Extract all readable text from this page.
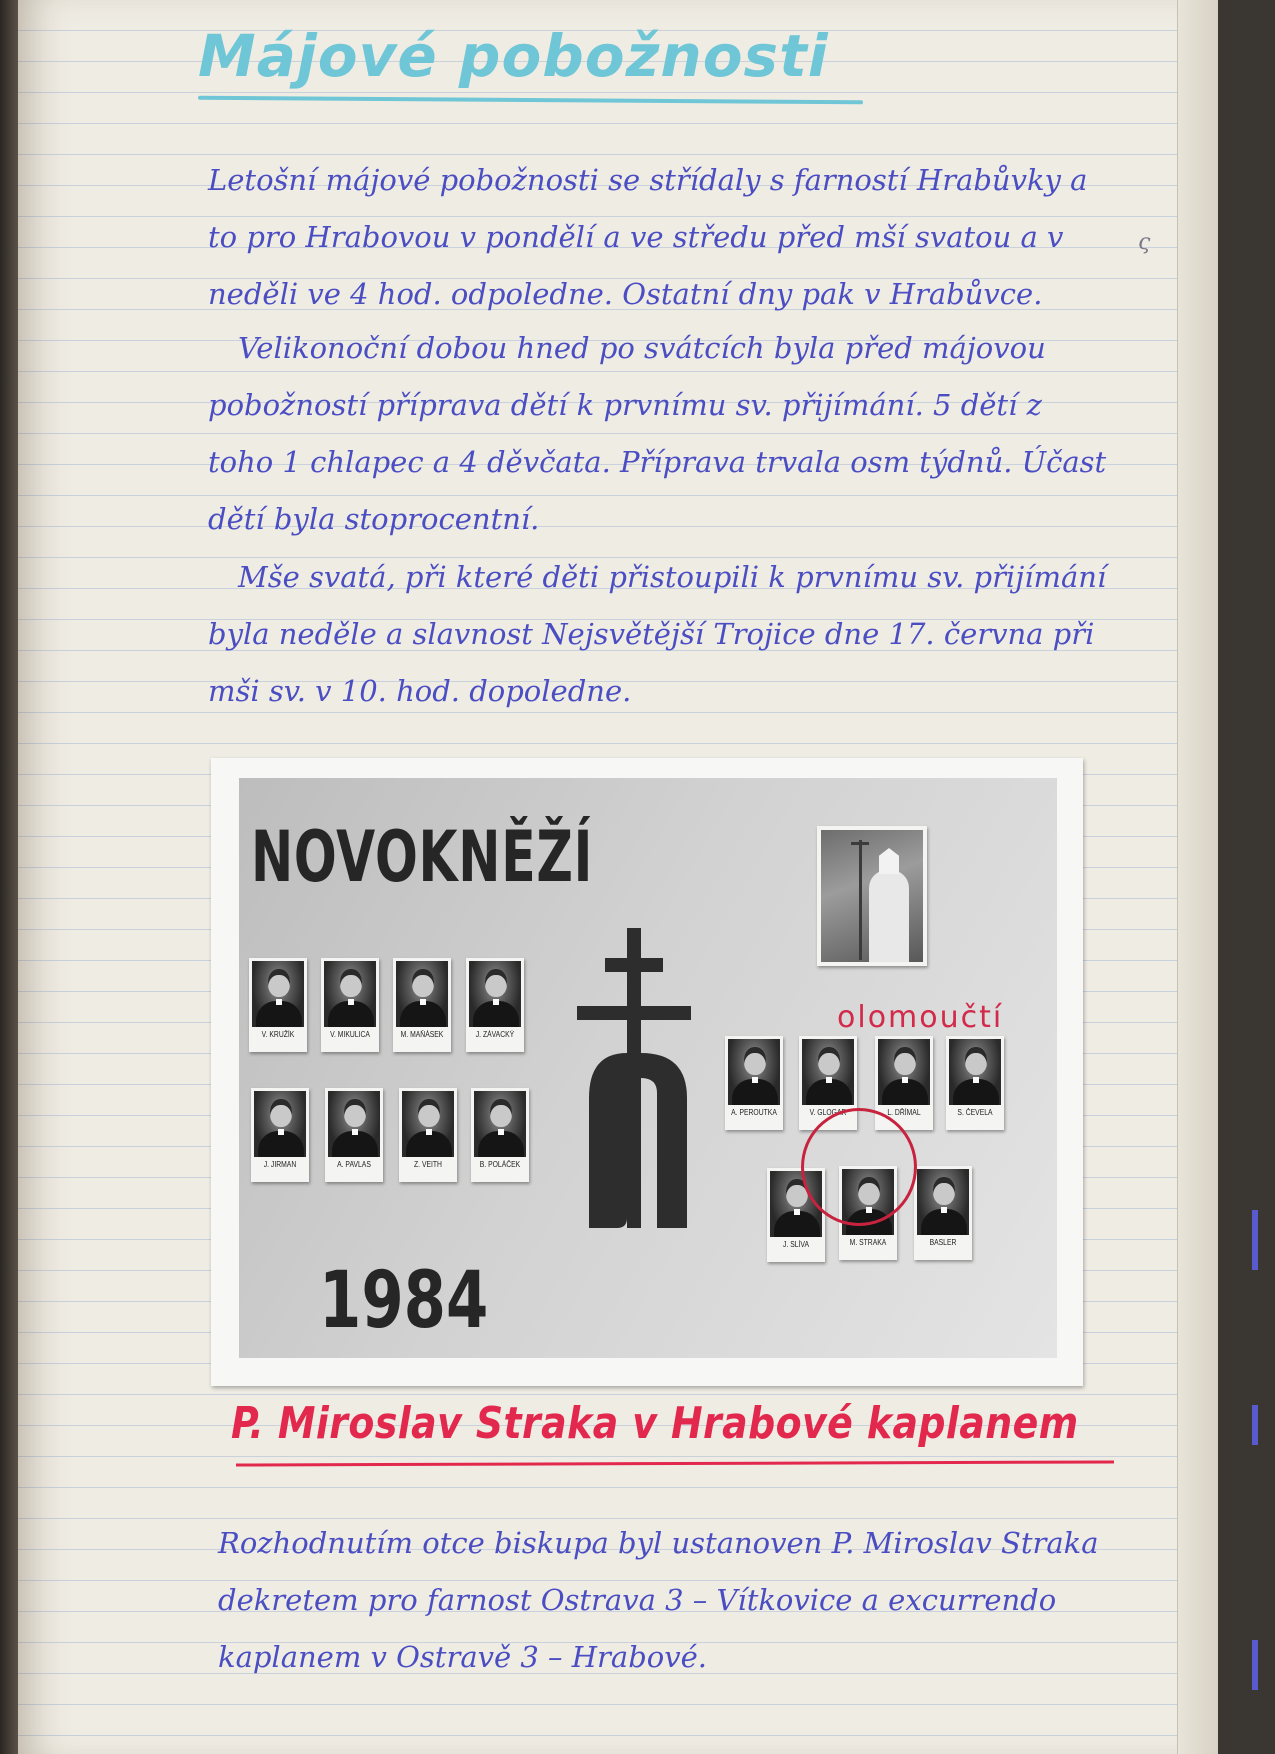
Májové pobožnosti

Letošní májové pobožnosti se střídaly s farností Hrabůvky a to pro Hrabovou v pondělí a ve středu před mší svatou a v neděli ve 4 hod. odpoledne. Ostatní dny pak v Hrabůvce.

Velikonoční dobou hned po svátcích byla před májovou pobožností příprava dětí k prvnímu sv. přijímání. 5 dětí z toho 1 chlapec a 4 děvčata. Příprava trvala osm týdnů. Účast dětí byla stoprocentní.

Mše svatá, při které děti přistoupili k prvnímu sv. přijímání byla neděle a slavnost Nejsvětější Trojice dne 17. června při mši sv. v 10. hod. dopoledne.

ς
NOVOKNĚŽÍ
1984

olomoučtí

V. KRUŽÍK	V. MIKULICA	M. MAŇÁSEK	J. ZÁVACKÝ
J. JIRMAN	A. PAVLAS	Z. VEITH	B. POLÁČEK
A. PEROUTKA	V. GLOGAR	L. DŘÍMAL	S. ČEVELA
J. SLÍVA	M. STRAKA	BASLER
P. Miroslav Straka v Hrabové kaplanem

Rozhodnutím otce biskupa byl ustanoven P. Miroslav Straka dekretem pro farnost Ostrava 3 – Vítkovice a excurrendo kaplanem v Ostravě 3 – Hrabové.
